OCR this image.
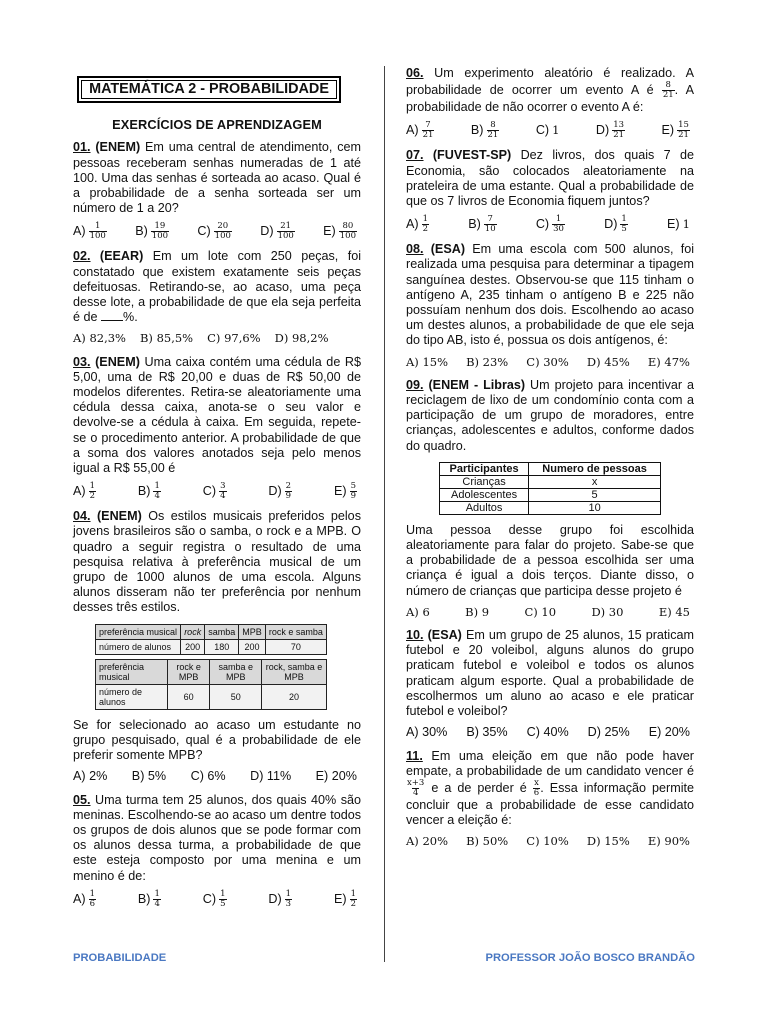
MATEMÁTICA 2 - PROBABILIDADE
EXERCÍCIOS DE APRENDIZAGEM

01. (ENEM) Em uma central de atendimento, cem pessoas receberam senhas numeradas de 1 até 100. Uma das senhas é sorteada ao acaso. Qual é a probabilidade de a senha sorteada ser um número de 1 a 20?

$A) \frac{1}{100} B) \frac{19}{100} C) \frac{20}{100} D) \frac{21}{100} E) \frac{80}{100}$

02. (EEAR) Em um lote com 250 peças, foi constatado que existem exatamente seis peças defeituosas. Retirando-se, ao acaso, uma peça desse lote, a probabilidade de que ela seja perfeita é de %.

A) 82,3% B) 85,5% C) 97,6% D) 98,2%

03. (ENEM) Uma caixa contém uma cédula de R$ 5,00, uma de R$ 20,00 e duas de R$ 50,00 de modelos diferentes. Retira-se aleatoriamente uma cédula dessa caixa, anota-se o seu valor e devolve-se a cédula à caixa. Em seguida, repete-se o procedimento anterior. A probabilidade de que a soma dos valores anotados seja pelo menos igual a R$ 55,00 é

$A) \frac{1}{2}$	$B) \frac{1}{4}$	$C) \frac{3}{4}$	$D) \frac{2}{9}$	$E) \frac{5}{9}$

04. (ENEM) Os estilos musicais preferidos pelos jovens brasileiros são o samba, o rock e a MPB. O quadro a seguir registra o resultado de uma pesquisa relativa à preferência musical de um grupo de 1000 alunos de uma escola. Alguns alunos disseram não ter preferência por nenhum desses três estilos.

preferência musical	rock	samba	MPB	rock e samba
número de alunos	200	180	200	70
preferência musical	rock e MPB	samba e MPB	rock, samba e MPB
número de alunos	60	50	20

Se for selecionado ao acaso um estudante no grupo pesquisado, qual é a probabilidade de ele preferir somente MPB?

A) 2% B) 5% C) 6% D) 11% E) 20%

05. Uma turma tem 25 alunos, dos quais 40% são meninas. Escolhendo-se ao acaso um dentre todos os grupos de dois alunos que se pode formar com os alunos dessa turma, a probabilidade de que este esteja composto por uma menina e um menino é de:

$A) \frac{1}{6}$	$B) \frac{1}{4}$	$C) \frac{1}{5}$	$D) \frac{1}{3}$	$E) \frac{1}{2}$

06. Um experimento aleatório é realizado. A probabilidade de ocorrer um evento A é $\frac{8}{21}$ . A probabilidade de não ocorrer o evento A é:

$A) \frac{7}{21}$	$B) \frac{8}{21}$	C) 1	$D) \frac{13}{21}$	$E) \frac{15}{21}$

07. (FUVEST-SP) Dez livros, dos quais 7 de Economia, são colocados aleatoriamente na prateleira de uma estante. Qual a probabilidade de que os 7 livros de Economia fiquem juntos?

$A) \frac{1}{2}$	$B) \frac{7}{10}$	$C) \frac{1}{30}$	$D) \frac{1}{5}$	E) 1

08. (ESA) Em uma escola com 500 alunos, foi realizada uma pesquisa para determinar a tipagem sanguínea destes. Observou-se que 115 tinham o antígeno A, 235 tinham o antígeno B e 225 não possuíam nenhum dos dois. Escolhendo ao acaso um destes alunos, a probabilidade de que ele seja do tipo AB, isto é, possua os dois antígenos, é:

A) 15% B) 23% C) 30% D) 45% E) 47%

09. (ENEM - Libras) Um projeto para incentivar a reciclagem de lixo de um condomínio conta com a participação de um grupo de moradores, entre crianças, adolescentes e adultos, conforme dados do quadro.

Participantes	Numero de pessoas
Crianças	x
Adolescentes	5
Adultos	10

Uma pessoa desse grupo foi escolhida aleatoriamente para falar do projeto. Sabe-se que a probabilidade de a pessoa escolhida ser uma criança é igual a dois terços. Diante disso, o número de crianças que participa desse projeto é

A) 6	B) 9	C) 10	D) 30	E) 45

10. (ESA) Em um grupo de 25 alunos, 15 praticam futebol e 20 voleibol, alguns alunos do grupo praticam futebol e voleibol e todos os alunos praticam algum esporte. Qual a probabilidade de escolhermos um aluno ao acaso e ele praticar futebol e voleibol?

A) 30% B) 35% C) 40% D) 25% E) 20%

11. Em uma eleição em que não pode haver empate, a probabilidade de um candidato vencer é
$\frac{x+3}{4}$ e a de perder é $\frac{x}{6}$ . Essa informação permite concluir que a probabilidade de esse candidato vencer a eleição é:

A) 20% B) 50% C) 10% D) 15% E) 90%
PROBABILIDADE	PROFESSOR JOÃO BOSCO BRANDÃO
